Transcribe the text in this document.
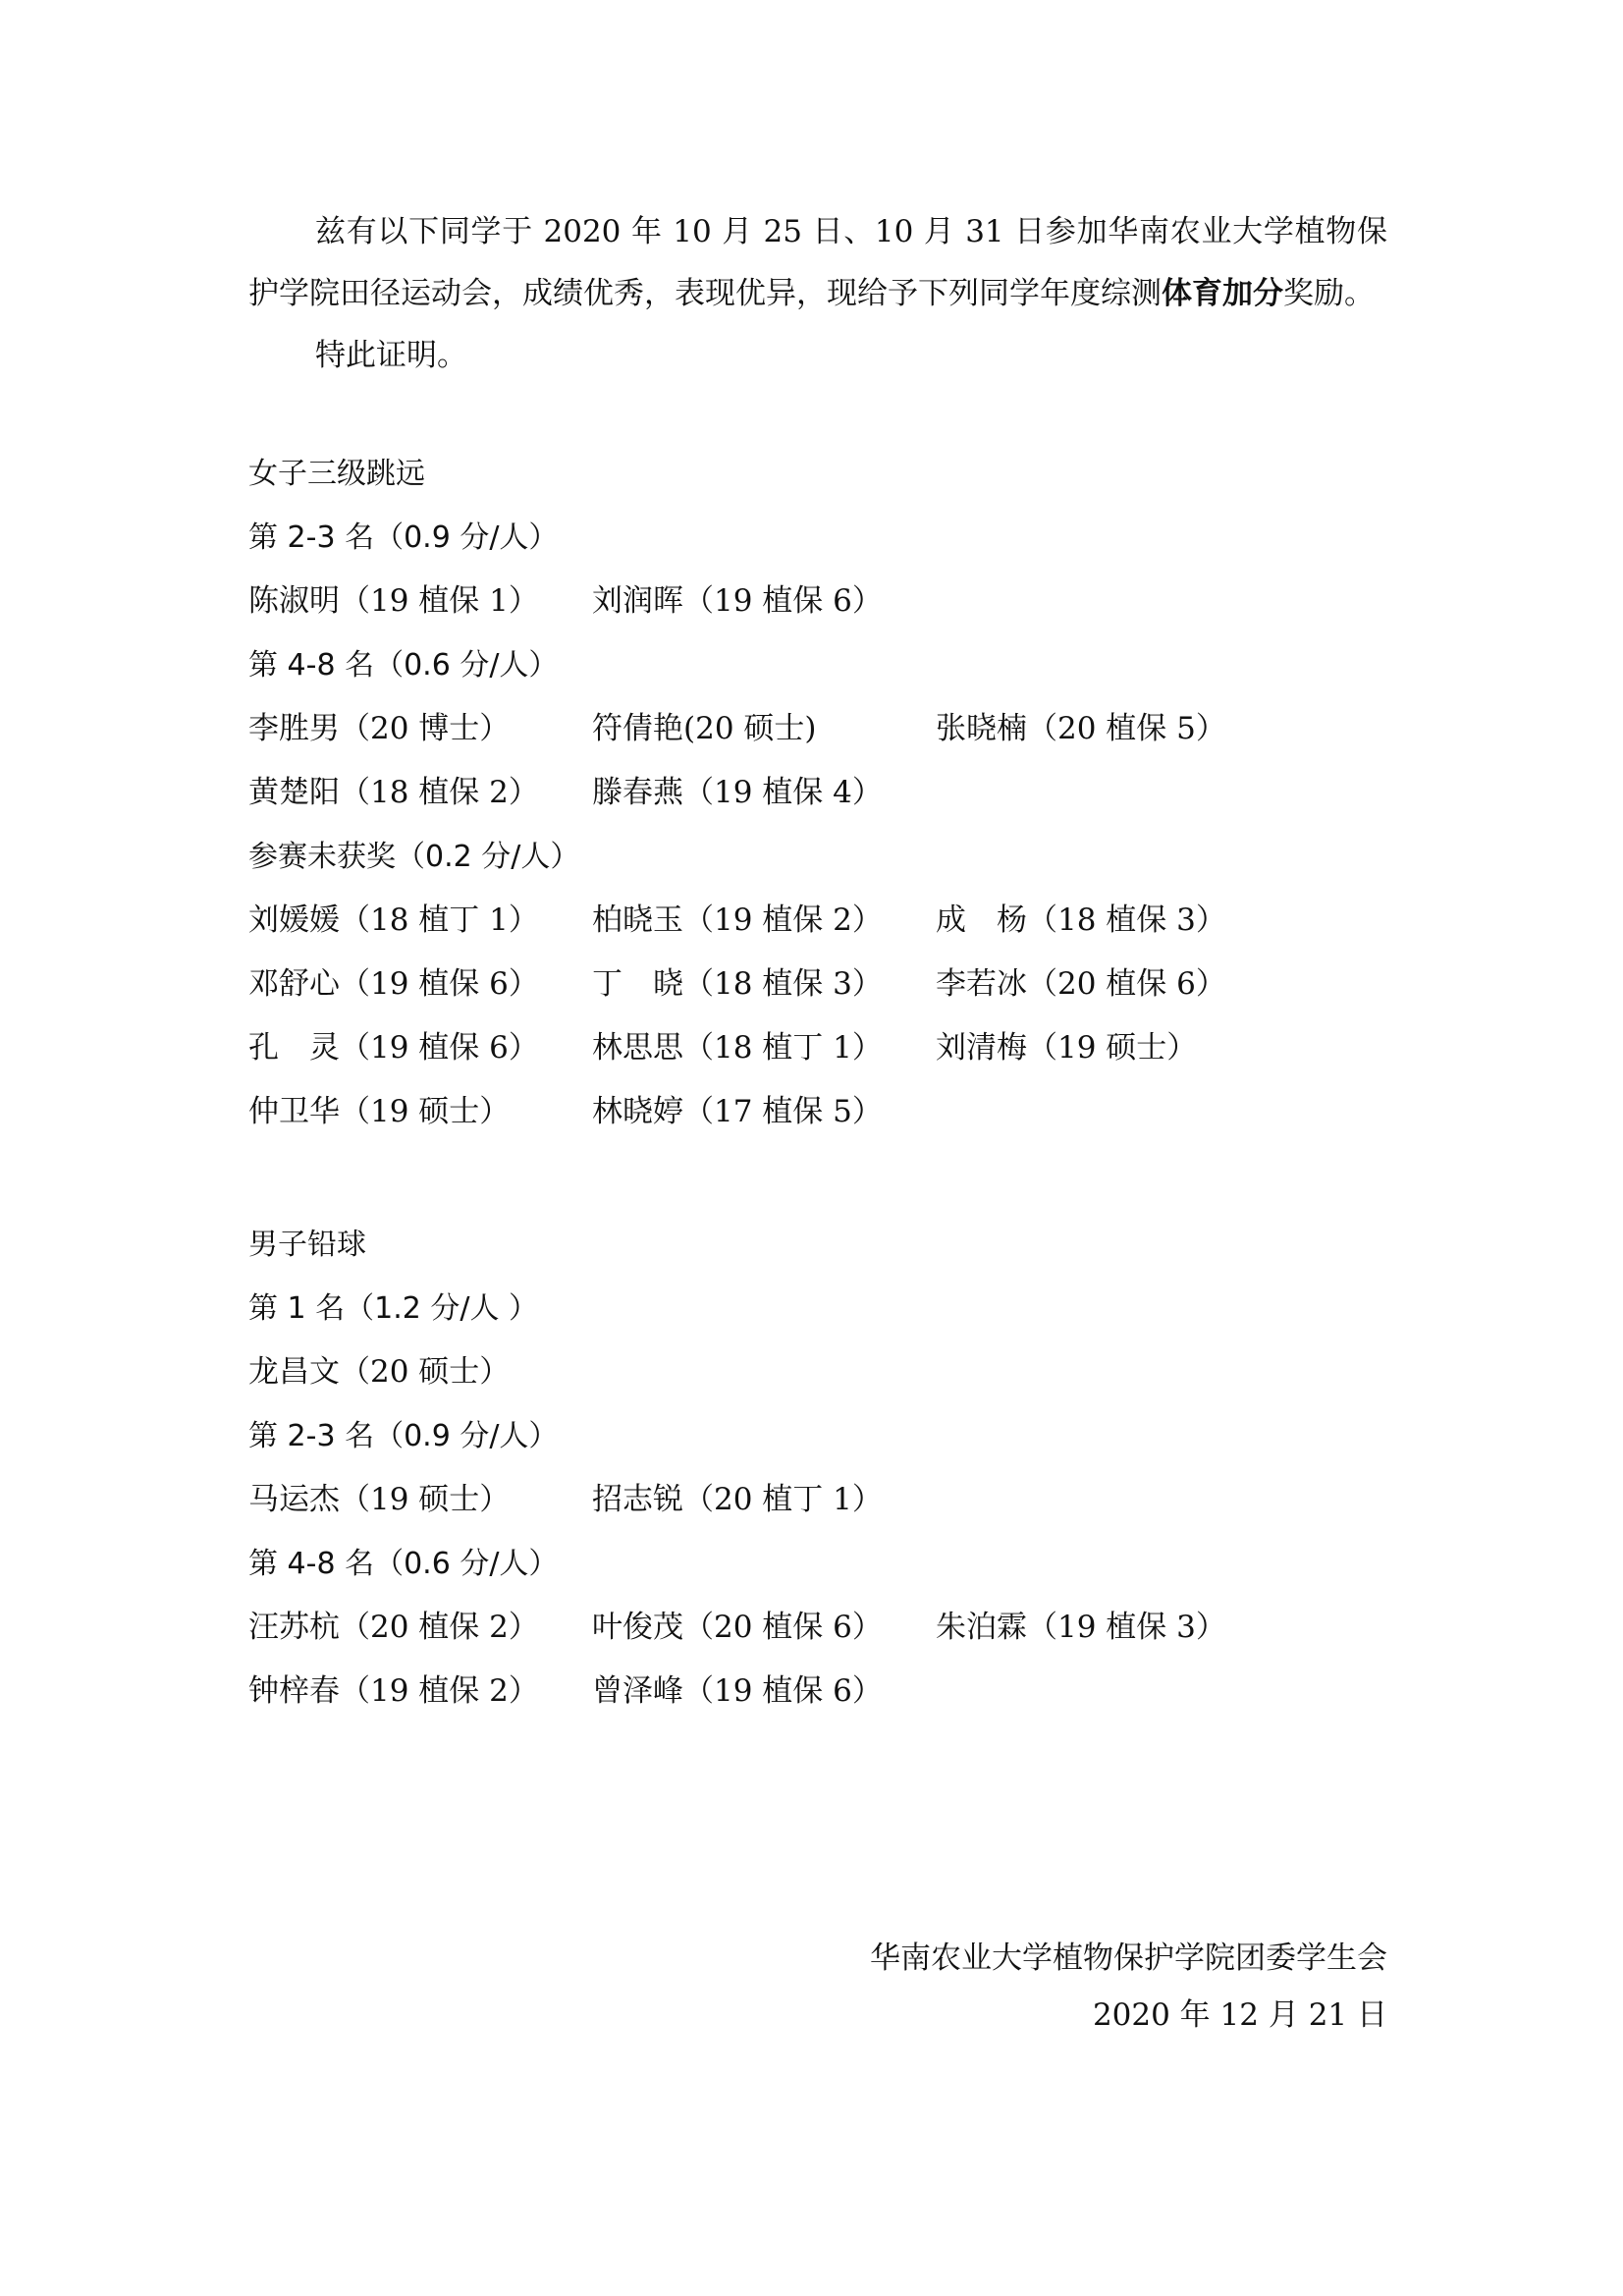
兹有以下同学于 2020 年 10 月 25 日、10 月 31 日参加华南农业大学植物保护学院田径运动会，成绩优秀，表现优异，现给予下列同学年度综测体育加分奖励。

特此证明。

女子三级跳远
第 2-3 名（0.9 分/人）
陈淑明（19 植保 1）	刘润晖（19 植保 6）
第 4-8 名（0.6 分/人）
李胜男（20 博士）	符倩艳(20 硕士)	张晓楠（20 植保 5）
黄楚阳（18 植保 2）	滕春燕（19 植保 4）
参赛未获奖（0.2 分/人）
刘媛媛（18 植丁 1）	柏晓玉（19 植保 2）	成　杨（18 植保 3）
邓舒心（19 植保 6）	丁　晓（18 植保 3）	李若冰（20 植保 6）
孔　灵（19 植保 6）	林思思（18 植丁 1）	刘清梅（19 硕士）
仲卫华（19 硕士）	林晓婷（17 植保 5）
男子铅球
第 1 名（1.2 分/人 ）
龙昌文（20 硕士）
第 2-3 名（0.9 分/人）
马运杰（19 硕士）	招志锐（20 植丁 1）
第 4-8 名（0.6 分/人）
汪苏杭（20 植保 2）	叶俊茂（20 植保 6）	朱泊霖（19 植保 3）
钟梓春（19 植保 2）	曾泽峰（19 植保 6）
华南农业大学植物保护学院团委学生会
2020 年 12 月 21 日
